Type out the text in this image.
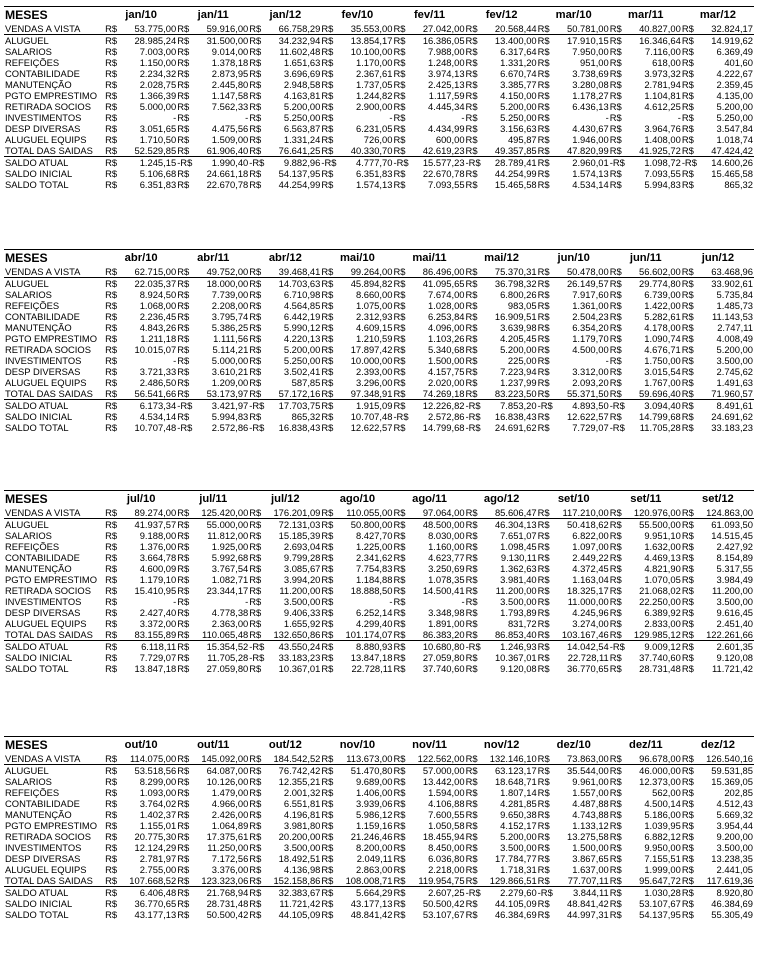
MESES	jan/10		jan/11		jan/12		fev/10		fev/11		fev/12		mar/10		mar/11		mar/12	
VENDAS A VISTA	R$	53.775,00	R$	59.916,00	R$	66.758,29	R$	35.553,00	R$	27.042,00	R$	20.568,44	R$	50.781,00	R$	40.827,00	R$	32.824,17
ALUGUEL	R$	28.985,24	R$	31.500,00	R$	34.232,94	R$	13.854,17	R$	16.386,05	R$	13.400,00	R$	17.910,15	R$	16.346,64	R$	14.919,62
SALARIOS	R$	7.003,00	R$	9.014,00	R$	11.602,48	R$	10.100,00	R$	7.988,00	R$	6.317,64	R$	7.950,00	R$	7.116,00	R$	6.369,49
REFEIÇÕES	R$	1.150,00	R$	1.378,18	R$	1.651,63	R$	1.170,00	R$	1.248,00	R$	1.331,20	R$	951,00	R$	618,00	R$	401,60
CONTABILIDADE	R$	2.234,32	R$	2.873,95	R$	3.696,69	R$	2.367,61	R$	3.974,13	R$	6.670,74	R$	3.738,69	R$	3.973,32	R$	4.222,67
MANUTENÇÃO	R$	2.028,75	R$	2.445,80	R$	2.948,58	R$	1.737,05	R$	2.425,13	R$	3.385,77	R$	3.280,08	R$	2.781,94	R$	2.359,45
PGTO EMPRESTIMO	R$	1.366,39	R$	1.147,58	R$	4.163,81	R$	1.244,82	R$	1.117,59	R$	4.150,00	R$	1.178,27	R$	1.104,81	R$	4.135,00
RETIRADA SOCIOS	R$	5.000,00	R$	7.562,33	R$	5.200,00	R$	2.900,00	R$	4.445,34	R$	5.200,00	R$	6.436,13	R$	4.612,25	R$	5.200,00
INVESTIMENTOS	R$	-	R$	-	R$	5.250,00	R$	-	R$	-	R$	5.250,00	R$	-	R$	-	R$	5.250,00
DESP DIVERSAS	R$	3.051,65	R$	4.475,56	R$	6.563,87	R$	6.231,05	R$	4.434,99	R$	3.156,63	R$	4.430,67	R$	3.964,76	R$	3.547,84
ALUGUEL EQUIPS	R$	1.710,50	R$	1.509,00	R$	1.331,24	R$	726,00	R$	600,00	R$	495,87	R$	1.946,00	R$	1.408,00	R$	1.018,74
TOTAL DAS SAIDAS	R$	52.529,85	R$	61.906,40	R$	76.641,25	R$	40.330,70	R$	42.619,23	R$	49.357,85	R$	47.820,99	R$	41.925,72	R$	47.424,42
SALDO ATUAL	R$	1.245,15	-R$	1.990,40	-R$	9.882,96	-R$	4.777,70	-R$	15.577,23	-R$	28.789,41	R$	2.960,01	-R$	1.098,72	-R$	14.600,26
SALDO INICIAL	R$	5.106,68	R$	24.661,18	R$	54.137,95	R$	6.351,83	R$	22.670,78	R$	44.254,99	R$	1.574,13	R$	7.093,55	R$	15.465,58
SALDO TOTAL	R$	6.351,83	R$	22.670,78	R$	44.254,99	R$	1.574,13	R$	7.093,55	R$	15.465,58	R$	4.534,14	R$	5.994,83	R$	865,32
MESES	abr/10		abr/11		abr/12		mai/10		mai/11		mai/12		jun/10		jun/11		jun/12	
VENDAS A VISTA	R$	62.715,00	R$	49.752,00	R$	39.468,41	R$	99.264,00	R$	86.496,00	R$	75.370,31	R$	50.478,00	R$	56.602,00	R$	63.468,96
ALUGUEL	R$	22.035,37	R$	18.000,00	R$	14.703,63	R$	45.894,82	R$	41.095,65	R$	36.798,32	R$	26.149,57	R$	29.774,80	R$	33.902,61
SALARIOS	R$	8.924,50	R$	7.739,00	R$	6.710,98	R$	8.660,00	R$	7.674,00	R$	6.800,26	R$	7.917,60	R$	6.739,00	R$	5.735,84
REFEIÇÕES	R$	1.068,00	R$	2.208,00	R$	4.564,85	R$	1.075,00	R$	1.028,00	R$	983,05	R$	1.361,00	R$	1.422,00	R$	1.485,73
CONTABILIDADE	R$	2.236,45	R$	3.795,74	R$	6.442,19	R$	2.312,93	R$	6.253,84	R$	16.909,51	R$	2.504,23	R$	5.282,61	R$	11.143,53
MANUTENÇÃO	R$	4.843,26	R$	5.386,25	R$	5.990,12	R$	4.609,15	R$	4.096,00	R$	3.639,98	R$	6.354,20	R$	4.178,00	R$	2.747,11
PGTO EMPRESTIMO	R$	1.211,18	R$	1.111,56	R$	4.220,13	R$	1.210,59	R$	1.103,26	R$	4.205,45	R$	1.179,70	R$	1.090,74	R$	4.008,49
RETIRADA SOCIOS	R$	10.015,07	R$	5.114,21	R$	5.200,00	R$	17.897,42	R$	5.340,68	R$	5.200,00	R$	4.500,00	R$	4.676,71	R$	5.200,00
INVESTIMENTOS	R$	-	R$	5.000,00	R$	5.250,00	R$	10.000,00	R$	1.500,00	R$	225,00	R$	-	R$	1.750,00	R$	3.500,00
DESP DIVERSAS	R$	3.721,33	R$	3.610,21	R$	3.502,41	R$	2.393,00	R$	4.157,75	R$	7.223,94	R$	3.312,00	R$	3.015,54	R$	2.745,62
ALUGUEL EQUIPS	R$	2.486,50	R$	1.209,00	R$	587,85	R$	3.296,00	R$	2.020,00	R$	1.237,99	R$	2.093,20	R$	1.767,00	R$	1.491,63
TOTAL DAS SAIDAS	R$	56.541,66	R$	53.173,97	R$	57.172,16	R$	97.348,91	R$	74.269,18	R$	83.223,50	R$	55.371,50	R$	59.696,40	R$	71.960,57
SALDO ATUAL	R$	6.173,34	-R$	3.421,97	-R$	17.703,75	R$	1.915,09	R$	12.226,82	-R$	7.853,20	-R$	4.893,50	-R$	3.094,40	R$	8.491,61
SALDO INICIAL	R$	4.534,14	R$	5.994,83	R$	865,32	R$	10.707,48	-R$	2.572,86	-R$	16.838,43	R$	12.622,57	R$	14.799,68	R$	24.691,62
SALDO TOTAL	R$	10.707,48	-R$	2.572,86	-R$	16.838,43	R$	12.622,57	R$	14.799,68	-R$	24.691,62	R$	7.729,07	-R$	11.705,28	R$	33.183,23
MESES	jul/10		jul/11		jul/12		ago/10		ago/11		ago/12		set/10		set/11		set/12	
VENDAS A VISTA	R$	89.274,00	R$	125.420,00	R$	176.201,09	R$	110.055,00	R$	97.064,00	R$	85.606,47	R$	117.210,00	R$	120.976,00	R$	124.863,00
ALUGUEL	R$	41.937,57	R$	55.000,00	R$	72.131,03	R$	50.800,00	R$	48.500,00	R$	46.304,13	R$	50.418,62	R$	55.500,00	R$	61.093,50
SALARIOS	R$	9.188,00	R$	11.812,00	R$	15.185,39	R$	8.427,70	R$	8.030,00	R$	7.651,07	R$	6.822,00	R$	9.951,10	R$	14.515,45
REFEIÇÕES	R$	1.376,00	R$	1.925,00	R$	2.693,04	R$	1.225,00	R$	1.160,00	R$	1.098,45	R$	1.097,00	R$	1.632,00	R$	2.427,92
CONTABILIDADE	R$	3.664,78	R$	5.992,68	R$	9.799,28	R$	2.341,62	R$	4.623,77	R$	9.130,11	R$	2.449,22	R$	4.469,13	R$	8.154,89
MANUTENÇÃO	R$	4.600,09	R$	3.767,54	R$	3.085,67	R$	7.754,83	R$	3.250,69	R$	1.362,63	R$	4.372,45	R$	4.821,90	R$	5.317,55
PGTO EMPRESTIMO	R$	1.179,10	R$	1.082,71	R$	3.994,20	R$	1.184,88	R$	1.078,35	R$	3.981,40	R$	1.163,04	R$	1.070,05	R$	3.984,49
RETIRADA SOCIOS	R$	15.410,95	R$	23.344,17	R$	11.200,00	R$	18.888,50	R$	14.500,41	R$	11.200,00	R$	18.325,17	R$	21.068,02	R$	11.200,00
INVESTIMENTOS	R$	-	R$	-	R$	3.500,00	R$	-	R$	-	R$	3.500,00	R$	11.000,00	R$	22.250,00	R$	3.500,00
DESP DIVERSAS	R$	2.427,40	R$	4.778,38	R$	9.406,33	R$	6.252,14	R$	3.348,98	R$	1.793,89	R$	4.245,96	R$	6.389,92	R$	9.616,45
ALUGUEL EQUIPS	R$	3.372,00	R$	2.363,00	R$	1.655,92	R$	4.299,40	R$	1.891,00	R$	831,72	R$	3.274,00	R$	2.833,00	R$	2.451,40
TOTAL DAS SAIDAS	R$	83.155,89	R$	110.065,48	R$	132.650,86	R$	101.174,07	R$	86.383,20	R$	86.853,40	R$	103.167,46	R$	129.985,12	R$	122.261,66
SALDO ATUAL	R$	6.118,11	R$	15.354,52	-R$	43.550,24	R$	8.880,93	R$	10.680,80	-R$	1.246,93	R$	14.042,54	-R$	9.009,12	R$	2.601,35
SALDO INICIAL	R$	7.729,07	R$	11.705,28	-R$	33.183,23	R$	13.847,18	R$	27.059,80	R$	10.367,01	R$	22.728,11	R$	37.740,60	R$	9.120,08
SALDO TOTAL	R$	13.847,18	R$	27.059,80	R$	10.367,01	R$	22.728,11	R$	37.740,60	R$	9.120,08	R$	36.770,65	R$	28.731,48	R$	11.721,42
MESES	out/10		out/11		out/12		nov/10		nov/11		nov/12		dez/10		dez/11		dez/12	
VENDAS A VISTA	R$	114.075,00	R$	145.092,00	R$	184.542,52	R$	113.673,00	R$	122.562,00	R$	132.146,10	R$	73.863,00	R$	96.678,00	R$	126.540,16
ALUGUEL	R$	53.518,56	R$	64.087,00	R$	76.742,42	R$	51.470,80	R$	57.000,00	R$	63.123,17	R$	35.544,00	R$	46.000,00	R$	59.531,85
SALARIOS	R$	8.299,00	R$	10.126,00	R$	12.355,21	R$	9.689,00	R$	13.442,00	R$	18.648,71	R$	9.961,00	R$	12.373,00	R$	15.369,05
REFEIÇÕES	R$	1.093,00	R$	1.479,00	R$	2.001,32	R$	1.406,00	R$	1.594,00	R$	1.807,14	R$	1.557,00	R$	562,00	R$	202,85
CONTABILIDADE	R$	3.764,02	R$	4.966,00	R$	6.551,81	R$	3.939,06	R$	4.106,88	R$	4.281,85	R$	4.487,88	R$	4.500,14	R$	4.512,43
MANUTENÇÃO	R$	1.402,37	R$	2.426,00	R$	4.196,81	R$	5.986,12	R$	7.600,55	R$	9.650,38	R$	4.743,88	R$	5.186,00	R$	5.669,32
PGTO EMPRESTIMO	R$	1.155,01	R$	1.064,89	R$	3.981,80	R$	1.159,16	R$	1.050,58	R$	4.152,17	R$	1.133,12	R$	1.039,95	R$	3.954,44
RETIRADA SOCIOS	R$	20.775,30	R$	17.375,61	R$	20.200,00	R$	21.246,46	R$	18.455,94	R$	5.200,00	R$	13.275,58	R$	6.882,12	R$	9.200,00
INVESTIMENTOS	R$	12.124,29	R$	11.250,00	R$	3.500,00	R$	8.200,00	R$	8.450,00	R$	3.500,00	R$	1.500,00	R$	9.950,00	R$	3.500,00
DESP DIVERSAS	R$	2.781,97	R$	7.172,56	R$	18.492,51	R$	2.049,11	R$	6.036,80	R$	17.784,77	R$	3.867,65	R$	7.155,51	R$	13.238,35
ALUGUEL EQUIPS	R$	2.755,00	R$	3.376,00	R$	4.136,98	R$	2.863,00	R$	2.218,00	R$	1.718,31	R$	1.637,00	R$	1.999,00	R$	2.441,05
TOTAL DAS SAIDAS	R$	107.668,52	R$	123.323,06	R$	152.158,86	R$	108.008,71	R$	119.954,75	R$	129.866,51	R$	77.707,11	R$	95.647,72	R$	117.619,36
SALDO ATUAL	R$	6.406,48	R$	21.768,94	R$	32.383,67	R$	5.664,29	R$	2.607,25	-R$	2.279,60	-R$	3.844,11	R$	1.030,28	R$	8.920,80
SALDO INICIAL	R$	36.770,65	R$	28.731,48	R$	11.721,42	R$	43.177,13	R$	50.500,42	R$	44.105,09	R$	48.841,42	R$	53.107,67	R$	46.384,69
SALDO TOTAL	R$	43.177,13	R$	50.500,42	R$	44.105,09	R$	48.841,42	R$	53.107,67	R$	46.384,69	R$	44.997,31	R$	54.137,95	R$	55.305,49
